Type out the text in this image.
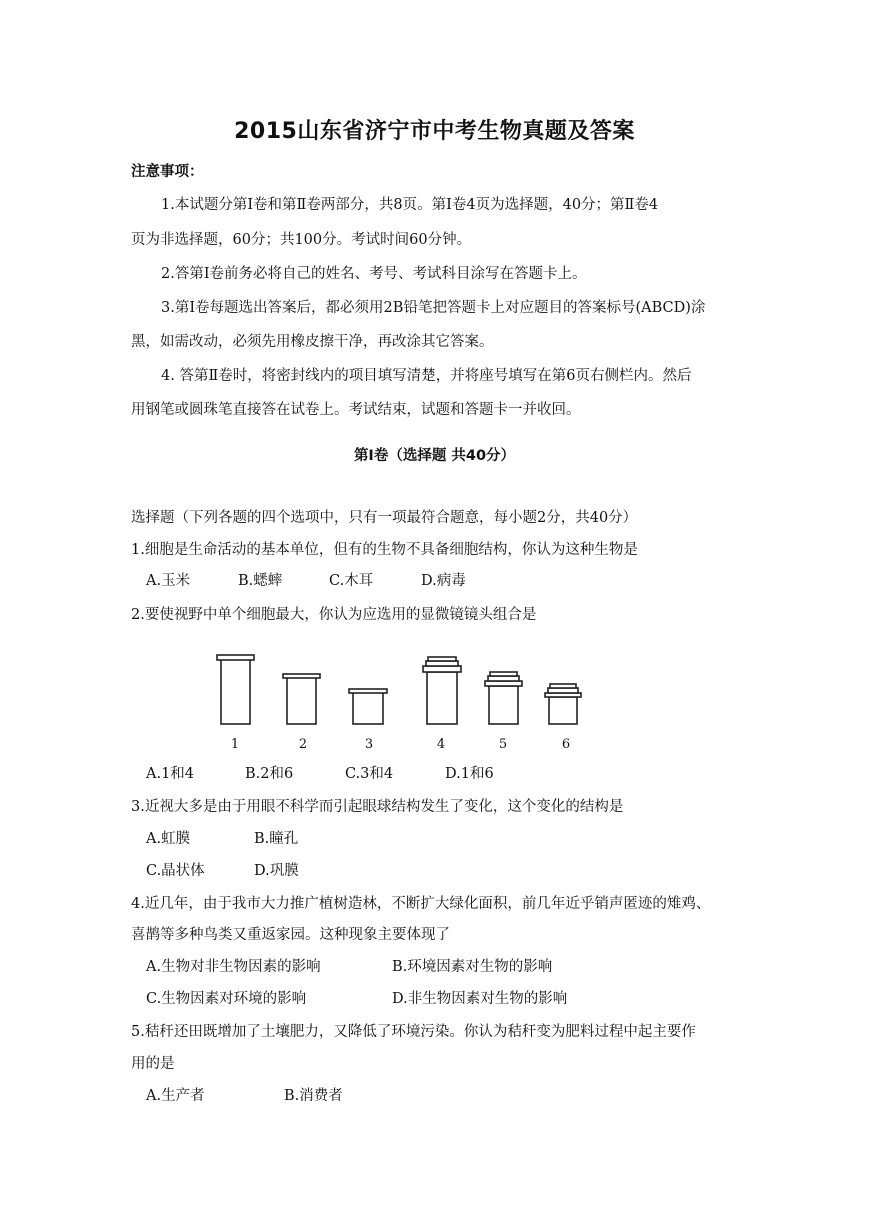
2015山东省济宁市中考生物真题及答案
注意事项：
1.本试题分第Ⅰ卷和第Ⅱ卷两部分，共8页。第Ⅰ卷4页为选择题，40分；第Ⅱ卷4
页为非选择题，60分；共100分。考试时间60分钟。
2.答第Ⅰ卷前务必将自己的姓名、考号、考试科目涂写在答题卡上。
3.第Ⅰ卷每题选出答案后，都必须用2B铅笔把答题卡上对应题目的答案标号(ABCD)涂
黑，如需改动，必须先用橡皮擦干净，再改涂其它答案。
4. 答第Ⅱ卷时，将密封线内的项目填写清楚，并将座号填写在第6页右侧栏内。然后
用钢笔或圆珠笔直接答在试卷上。考试结束，试题和答题卡一并收回。
第Ⅰ卷（选择题 共40分）
选择题（下列各题的四个选项中，只有一项最符合题意，每小题2分，共40分）
1.细胞是生命活动的基本单位，但有的生物不具备细胞结构，你认为这种生物是
A.玉米	B.蟋蟀	C.木耳	D.病毒
2.要使视野中单个细胞最大，你认为应选用的显微镜镜头组合是
1	2	3	4	5	6
A.1和4	B.2和6	C.3和4	D.1和6
3.近视大多是由于用眼不科学而引起眼球结构发生了变化，这个变化的结构是
A.虹膜	B.瞳孔
C.晶状体	D.巩膜
4.近几年，由于我市大力推广植树造林，不断扩大绿化面积，前几年近乎销声匿迹的雉鸡、
喜鹊等多种鸟类又重返家园。这种现象主要体现了
A.生物对非生物因素的影响	B.环境因素对生物的影响
C.生物因素对环境的影响	D.非生物因素对生物的影响
5.秸秆还田既增加了土壤肥力，又降低了环境污染。你认为秸秆变为肥料过程中起主要作
用的是
A.生产者	B.消费者
